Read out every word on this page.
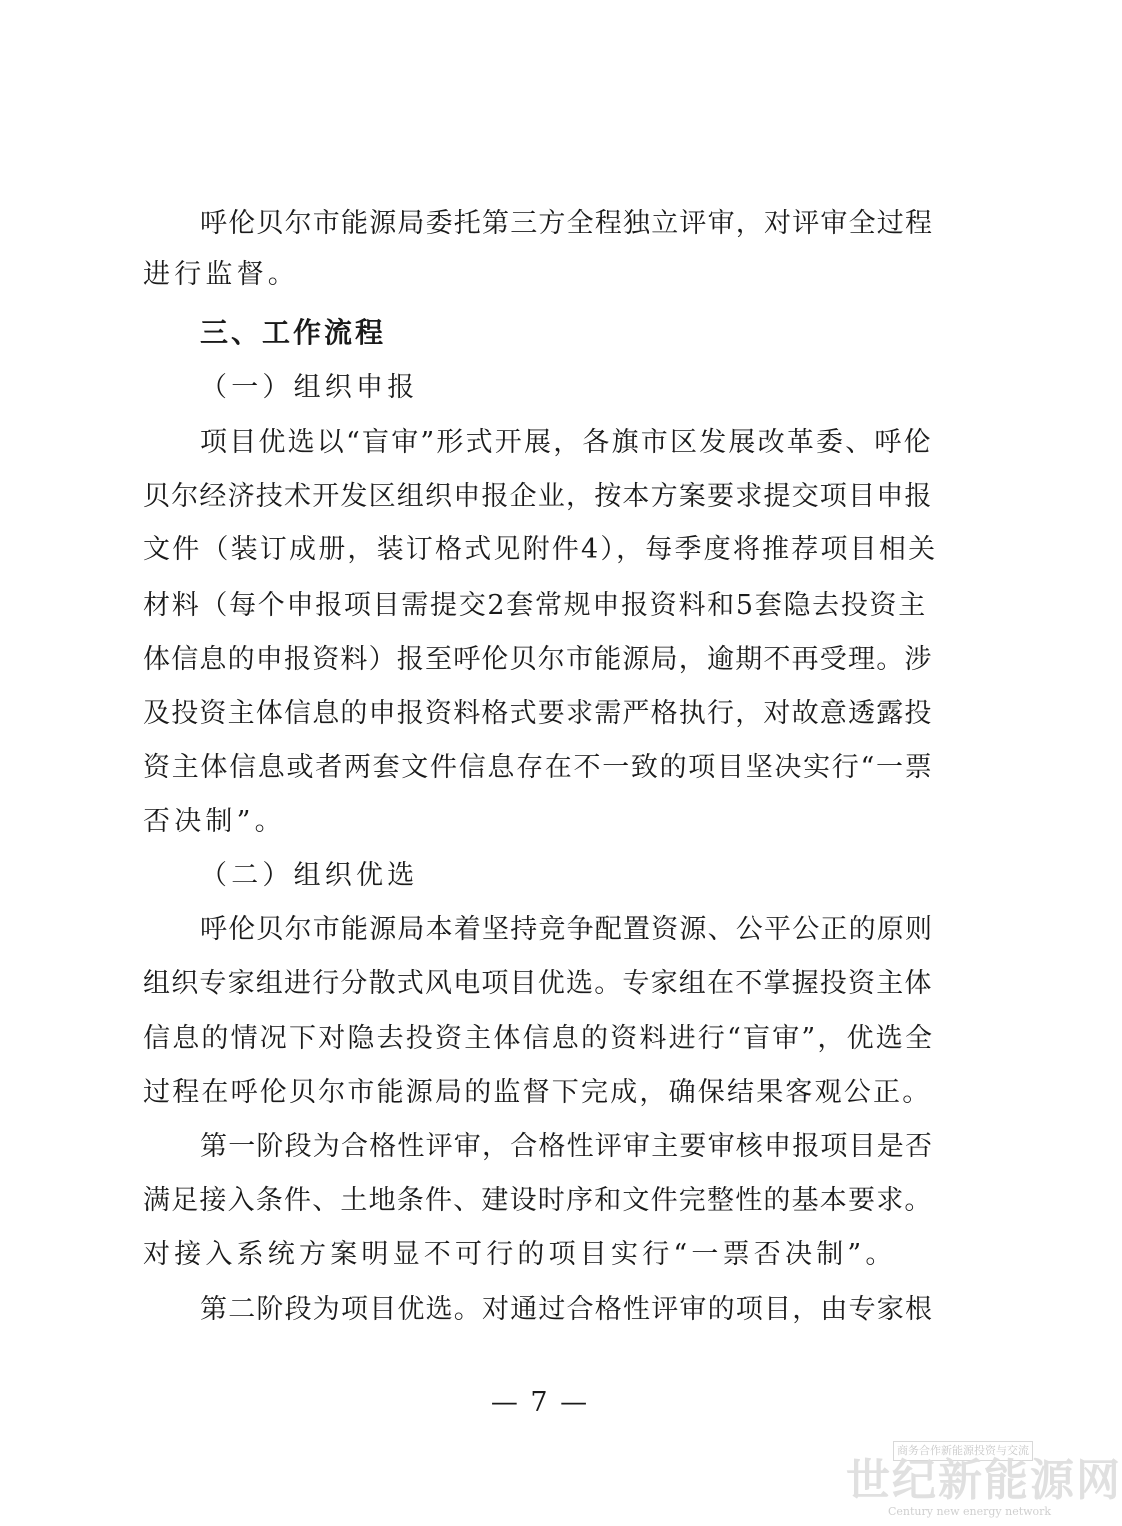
呼伦贝尔市能源局委托第三方全程独立评审，对评审全过程
进行监督。
三、工作流程
（一）组织申报
项目优选以“盲审”形式开展，各旗市区发展改革委、呼伦
贝尔经济技术开发区组织申报企业，按本方案要求提交项目申报
文件（装订成册，装订格式见附件4），每季度将推荐项目相关
材料（每个申报项目需提交2套常规申报资料和5套隐去投资主
体信息的申报资料）报至呼伦贝尔市能源局，逾期不再受理。涉
及投资主体信息的申报资料格式要求需严格执行，对故意透露投
资主体信息或者两套文件信息存在不一致的项目坚决实行“一票
否决制”。
（二）组织优选
呼伦贝尔市能源局本着坚持竞争配置资源、公平公正的原则
组织专家组进行分散式风电项目优选。专家组在不掌握投资主体
信息的情况下对隐去投资主体信息的资料进行“盲审”，优选全
过程在呼伦贝尔市能源局的监督下完成，确保结果客观公正。
第一阶段为合格性评审，合格性评审主要审核申报项目是否
满足接入条件、土地条件、建设时序和文件完整性的基本要求。
对接入系统方案明显不可行的项目实行“一票否决制”。
第二阶段为项目优选。对通过合格性评审的项目，由专家根
— 7 —
商务合作新能源投资与交流
世纪新能源网
Century new energy network
